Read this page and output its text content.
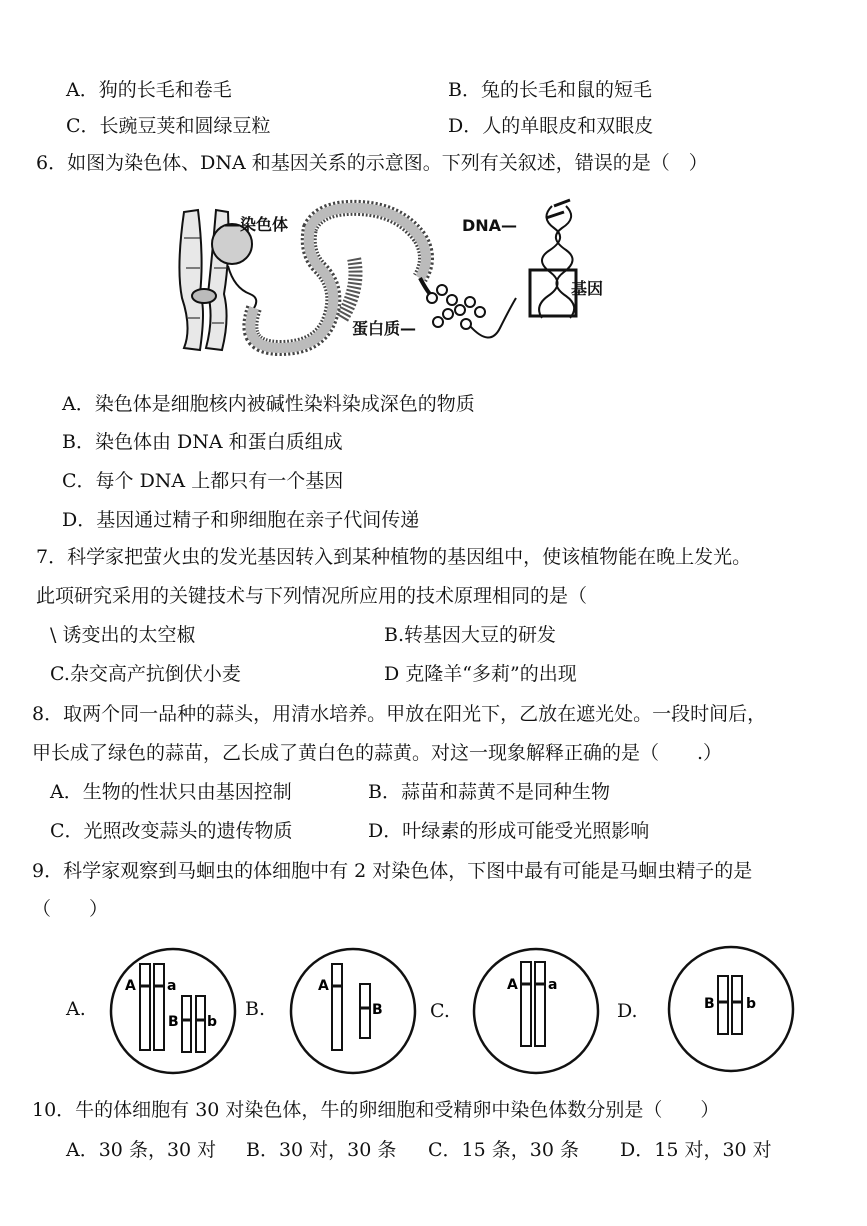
A．狗的长毛和卷毛	B．兔的长毛和鼠的短毛
C．长豌豆荚和圆绿豆粒	D．人的单眼皮和双眼皮
6．如图为染色体、DNA 和基因关系的示意图。下列有关叙述，错误的是（　）
—染色体	DNA—
基因
蛋白质—
A．染色体是细胞核内被碱性染料染成深色的物质
B．染色体由 DNA 和蛋白质组成
C．每个 DNA 上都只有一个基因
D．基因通过精子和卵细胞在亲子代间传递
7．科学家把萤火虫的发光基因转入到某种植物的基因组中，使该植物能在晚上发光。
此项研究采用的关键技术与下列情况所应用的技术原理相同的是（
\ 诱变出的太空椒	B.转基因大豆的研发
C.杂交高产抗倒伏小麦	D 克隆羊“多莉”的出现
8．取两个同一品种的蒜头，用清水培养。甲放在阳光下，乙放在遮光处。一段时间后，
甲长成了绿色的蒜苗，乙长成了黄白色的蒜黄。对这一现象解释正确的是（　　.）
A．生物的性状只由基因控制	B．蒜苗和蒜黄不是同种生物
C．光照改变蒜头的遗传物质	D．叶绿素的形成可能受光照影响
9．科学家观察到马蛔虫的体细胞中有 2 对染色体，下图中最有可能是马蛔虫精子的是
（　　）
A.	B.	C.	D.
A a
B b
A
B
A a
B b
10．牛的体细胞有 30 对染色体，牛的卵细胞和受精卵中染色体数分别是（　　）
A．30 条，30 对 B．30 对，30 条 C．15 条，30 条 D．15 对，30 对
